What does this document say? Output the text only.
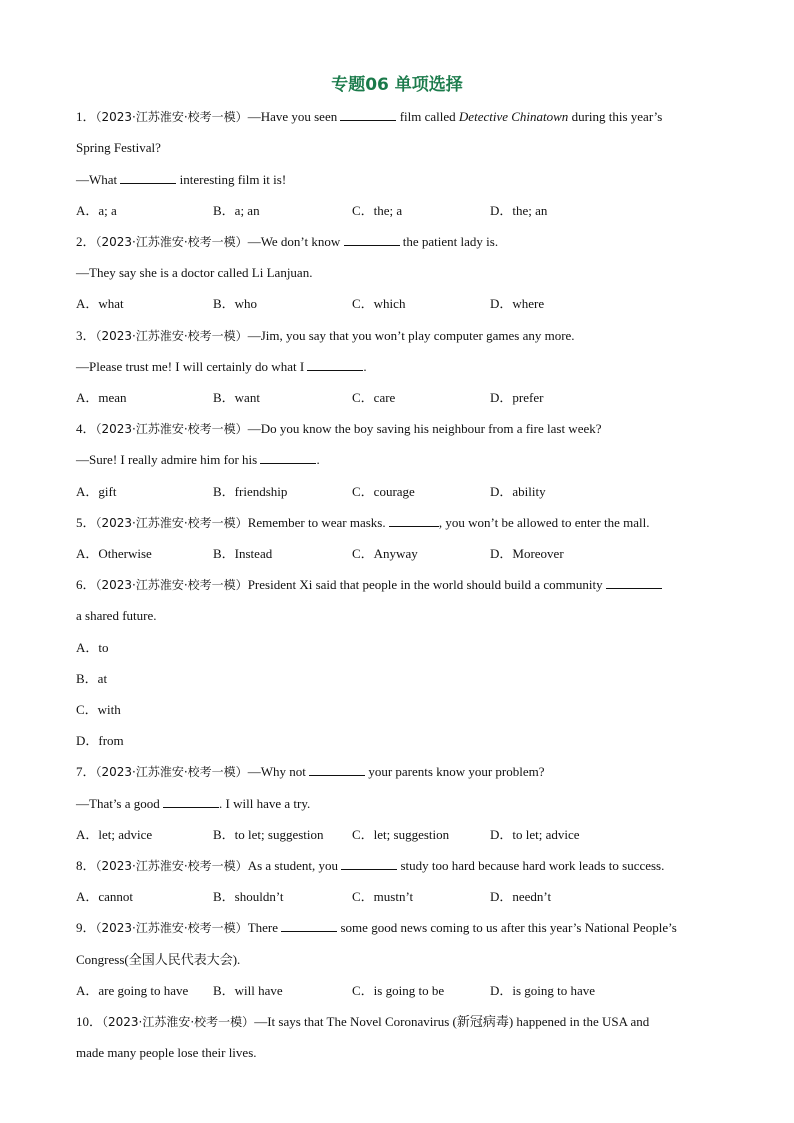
专题06 单项选择
1．（2023·江苏淮安·校考一模）—Have you seen	film called Detective Chinatown during this year’s
Spring Festival?
—What	interesting film it is!
A．a; a	B．a; an	C．the; a	D．the; an
2．（2023·江苏淮安·校考一模）—We don’t know	the patient lady is.
—They say she is a doctor called Li Lanjuan.
A．what	B．who	C．which	D．where
3．（2023·江苏淮安·校考一模）—Jim, you say that you won’t play computer games any more.
—Please trust me! I will certainly do what I	.
A．mean	B．want	C．care	D．prefer
4．（2023·江苏淮安·校考一模）—Do you know the boy saving his neighbour from a fire last week?
—Sure! I really admire him for his	.
A．gift	B．friendship	C．courage	D．ability
5．（2023·江苏淮安·校考一模）Remember to wear masks.	, you won’t be allowed to enter the mall.
A．Otherwise	B．Instead	C．Anyway	D．Moreover
6．（2023·江苏淮安·校考一模）President Xi said that people in the world should build a community
a shared future.
A．to
B．at
C．with
D．from
7．（2023·江苏淮安·校考一模）—Why not	your parents know your problem?
—That’s a good	. I will have a try.
A．let; advice	B．to let; suggestion C．let; suggestion	D．to let; advice
8．（2023·江苏淮安·校考一模）As a student, you	study too hard because hard work leads to success.
A．cannot	B．shouldn’t	C．mustn’t	D．needn’t
9．（2023·江苏淮安·校考一模）There	some good news coming to us after this year’s National People’s
Congress(全国人民代表大会).
A．are going to have B．will have	C．is going to be	D．is going to have
10．（2023·江苏淮安·校考一模）—It says that The Novel Coronavirus (新冠病毒) happened in the USA and
made many people lose their lives.
